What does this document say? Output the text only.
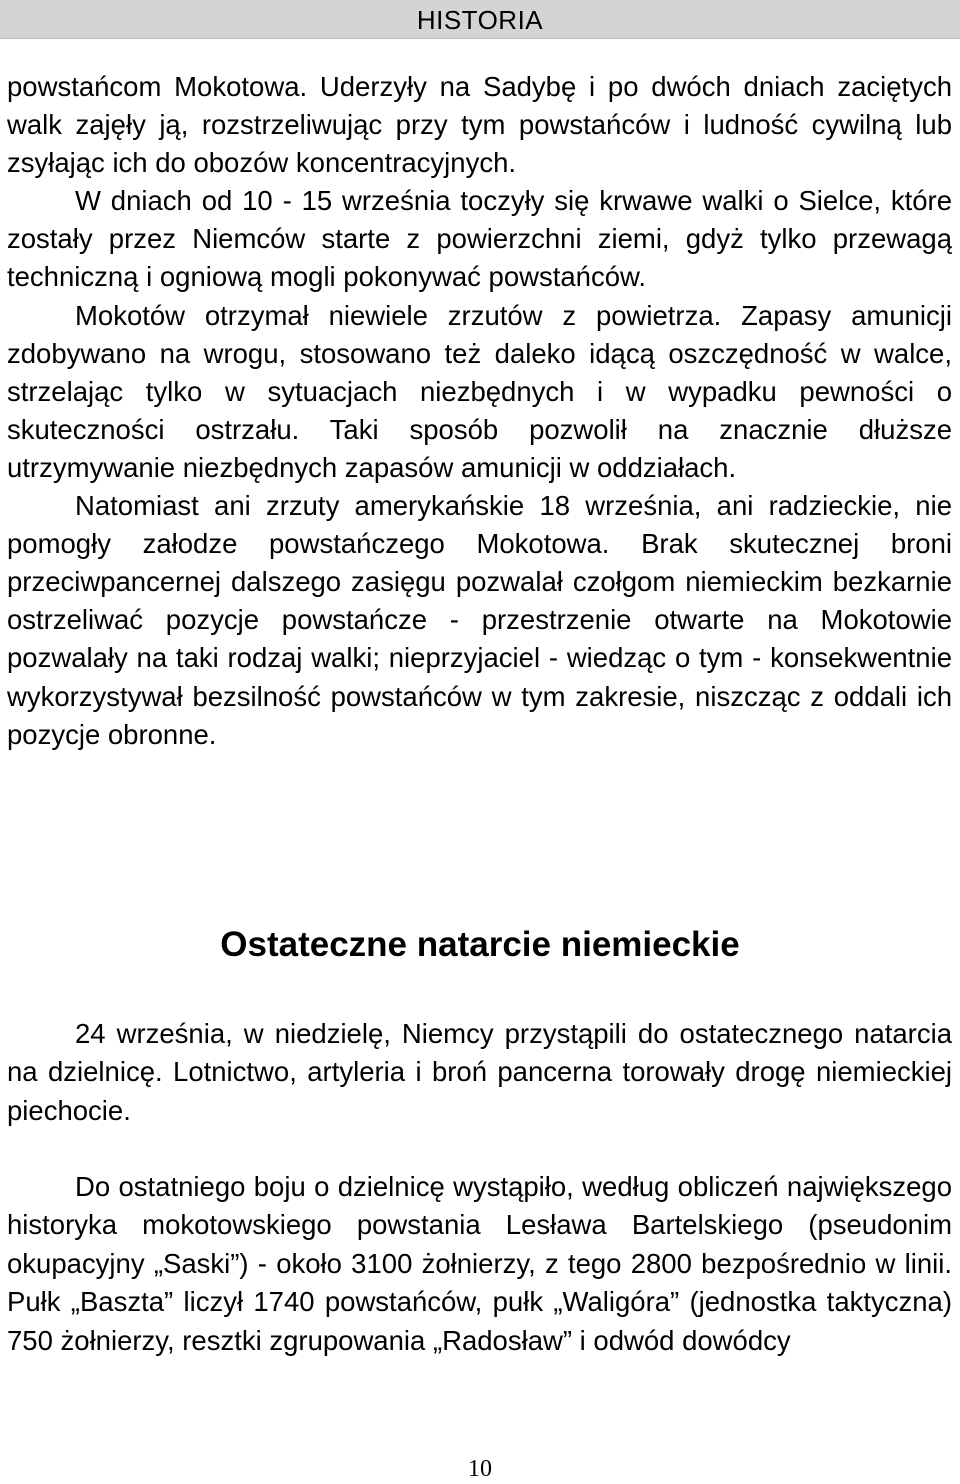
HISTORIA

powstańcom Mokotowa. Uderzyły na Sadybę i po dwóch dniach zaciętych walk zajęły ją, rozstrzeliwując przy tym powstańców i ludność cywilną lub zsyłając ich do obozów koncentracyjnych.

W dniach od 10 - 15 września toczyły się krwawe walki o Sielce, które zostały przez Niemców starte z powierzchni ziemi, gdyż tylko przewagą techniczną i ogniową mogli pokonywać powstańców.

Mokotów otrzymał niewiele zrzutów z powietrza. Zapasy amunicji zdobywano na wrogu, stosowano też daleko idącą oszczędność w walce, strzelając tylko w sytuacjach niezbędnych i w wypadku pewności o skuteczności ostrzału. Taki sposób pozwolił na znacznie dłuższe utrzymywanie niezbędnych zapasów amunicji w oddziałach.

Natomiast ani zrzuty amerykańskie 18 września, ani radzieckie, nie pomogły załodze powstańczego Mokotowa. Brak skutecznej broni przeciwpancernej dalszego zasięgu pozwalał czołgom niemieckim bezkarnie ostrzeliwać pozycje powstańcze - przestrzenie otwarte na Mokotowie pozwalały na taki rodzaj walki; nieprzyjaciel - wiedząc o tym - konsekwentnie wykorzystywał bezsilność powstańców w tym zakresie, niszcząc z oddali ich pozycje obronne.

Ostateczne natarcie niemieckie

24 września, w niedzielę, Niemcy przystąpili do ostatecznego natarcia na dzielnicę. Lotnictwo, artyleria i broń pancerna torowały drogę niemieckiej piechocie.

Do ostatniego boju o dzielnicę wystąpiło, według obliczeń największego historyka mokotowskiego powstania Lesława Bartelskiego (pseudonim okupacyjny „Saski”) - około 3100 żołnierzy, z tego 2800 bezpośrednio w linii. Pułk „Baszta” liczył 1740 powstańców, pułk „Waligóra” (jednostka taktyczna) 750 żołnierzy, resztki zgrupowania „Radosław” i odwód dowódcy

10
